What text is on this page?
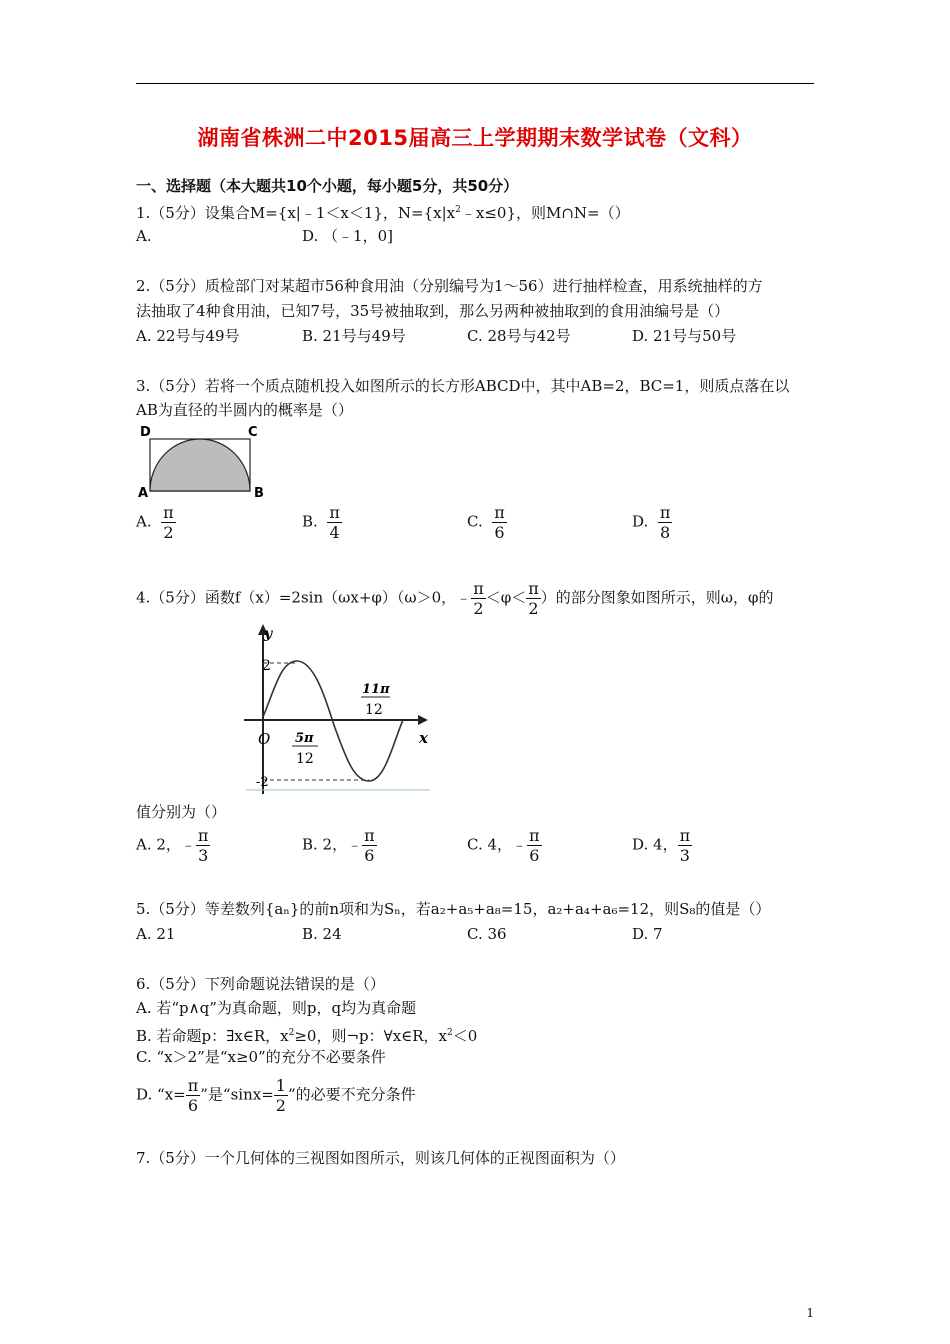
湖南省株洲二中2015届高三上学期期末数学试卷（文科）
一、选择题（本大题共10个小题，每小题5分，共50分）
1.（5分）设集合M={x|﹣1＜x＜1}，$N=\{x|x^2﹣x\le 0\}$，则M∩N=（）
A.	D. （﹣1，0]
2.（5分）质检部门对某超市56种食用油（分别编号为1～56）进行抽样检查，用系统抽样的方
法抽取了4种食用油，已知7号，35号被抽取到，那么另两种被抽取到的食用油编号是（）
A. 22号与49号	B. 21号与49号	C. 28号与42号	D. 21号与50号
3.（5分）若将一个质点随机投入如图所示的长方形ABCD中，其中AB=2，BC=1，则质点落在以
AB为直径的半圆内的概率是（）
D	C
A	B
A. $\frac{\pi}{2}$	B. $\frac{\pi}{4}$	C. $\frac{\pi}{6}$	D. $\frac{\pi}{8}$
4.（5分）函数f（x）=2sin（ωx+φ）（ω＞0，﹣ $\frac{\pi}{2} <\varphi< \frac{\pi}{2}$ ）的部分图象如图所示，则ω，φ的
y
x
O
2
-2
5π
12
11π
12
值分别为（）
A. 2，﹣ $\frac{\pi}{3}$	B. 2，﹣ $\frac{\pi}{6}$	C. 4，﹣ $\frac{\pi}{6}$	D. 4， $\frac{\pi}{3}$
5.（5分）等差数列{aₙ}的前n项和为Sₙ，若a₂+a₅+a₈=15，a₂+a₄+a₆=12，则S₈的值是（）
A. 21	B. 24	C. 36	D. 7
6.（5分）下列命题说法错误的是（）
A. 若“p∧q”为真命题，则p，q均为真命题
B. 若命题p：∃x∈R，$x^2\ge 0$，则¬p：∀x∈R，$x^2<0$
C. “x＞2”是“x≥0”的充分不必要条件
D. “$x= \frac{\pi}{6}$ ”是“$\sin x= \frac{1}{2}$ ”的必要不充分条件
7.（5分）一个几何体的三视图如图所示，则该几何体的正视图面积为（）
1
